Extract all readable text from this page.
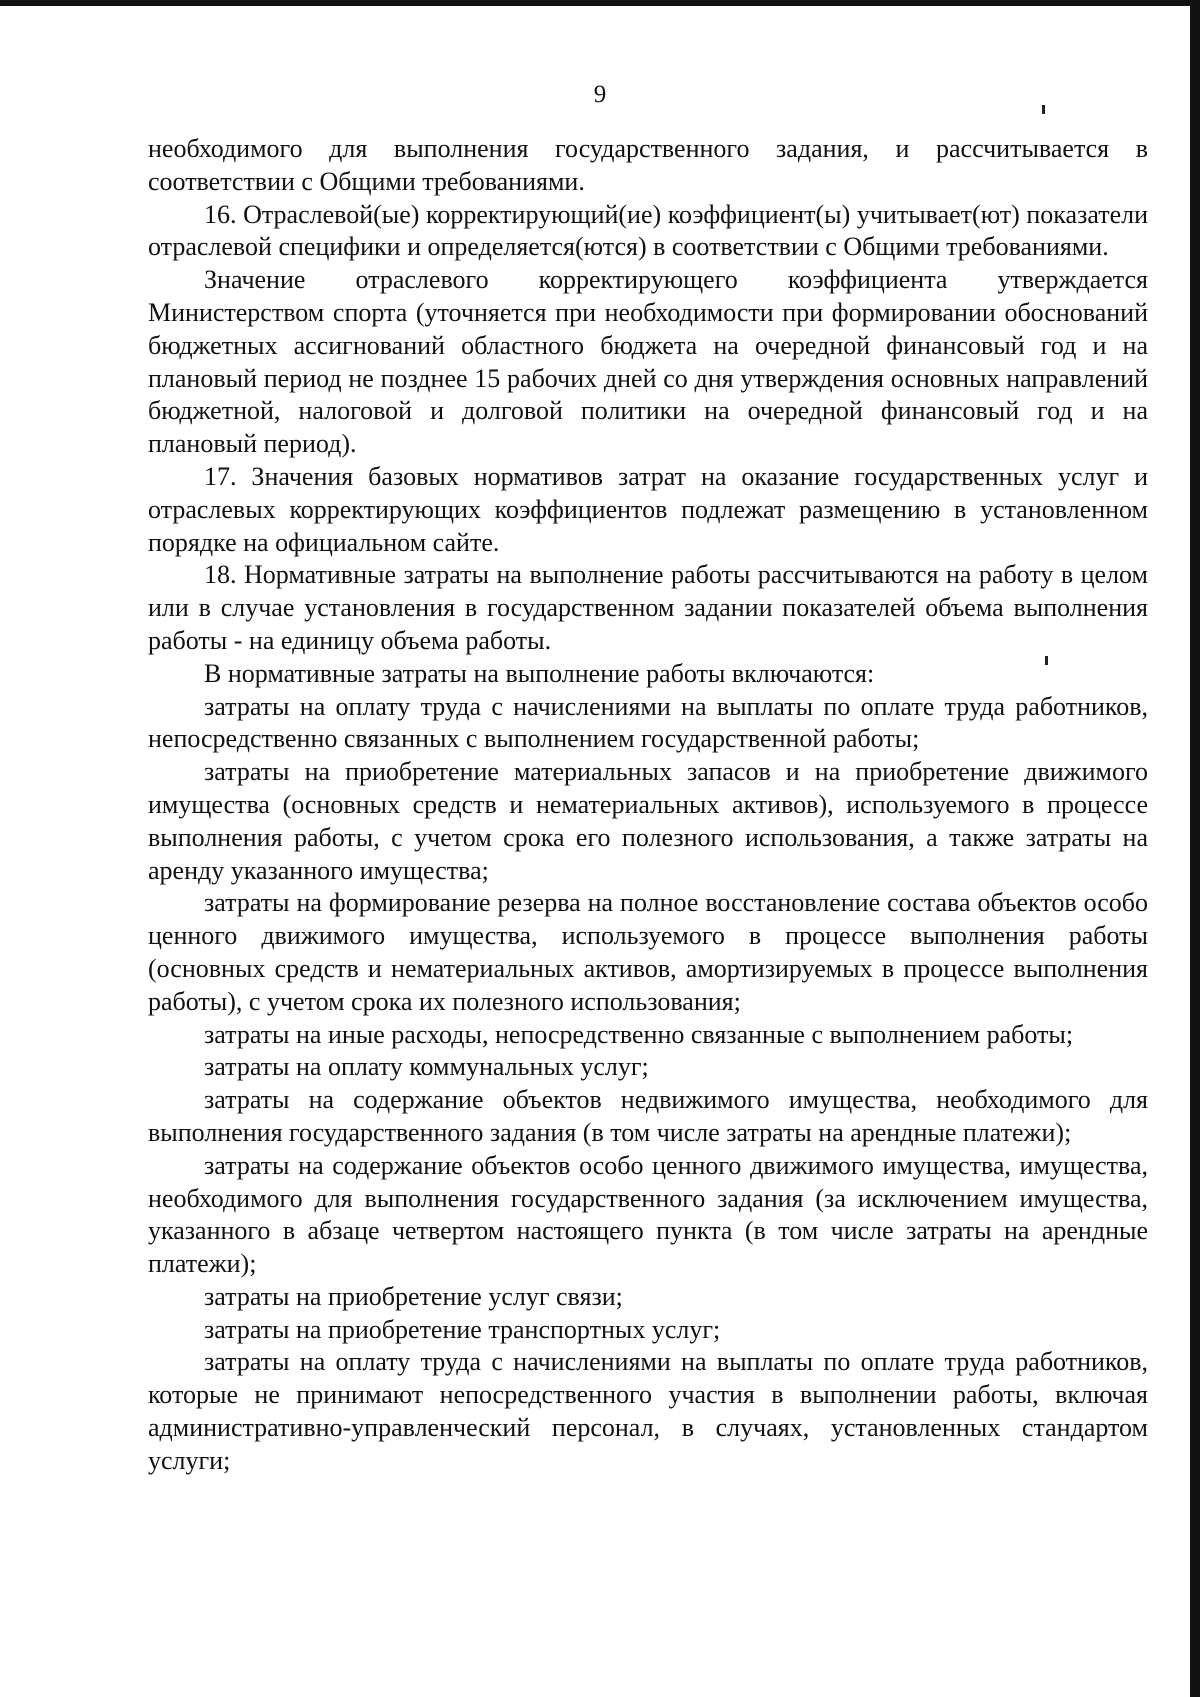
9

необходимого для выполнения государственного задания, и рассчитывается в соответствии с Общими требованиями.

16. Отраслевой(ые) корректирующий(ие) коэффициент(ы) учитывает(ют) показатели отраслевой специфики и определяется(ются) в соответствии с Общими требованиями.

Значение отраслевого корректирующего коэффициента утверждается Министерством спорта (уточняется при необходимости при формировании обоснований бюджетных ассигнований областного бюджета на очередной финансовый год и на плановый период не позднее 15 рабочих дней со дня утверждения основных направлений бюджетной, налоговой и долговой политики на очередной финансовый год и на плановый период).

17. Значения базовых нормативов затрат на оказание государственных услуг и отраслевых корректирующих коэффициентов подлежат размещению в установленном порядке на официальном сайте.

18. Нормативные затраты на выполнение работы рассчитываются на работу в целом или в случае установления в государственном задании показателей объема выполнения работы - на единицу объема работы.

В нормативные затраты на выполнение работы включаются:

затраты на оплату труда с начислениями на выплаты по оплате труда работников, непосредственно связанных с выполнением государственной работы;

затраты на приобретение материальных запасов и на приобретение движимого имущества (основных средств и нематериальных активов), используемого в процессе выполнения работы, с учетом срока его полезного использования, а также затраты на аренду указанного имущества;

затраты на формирование резерва на полное восстановление состава объектов особо ценного движимого имущества, используемого в процессе выполнения работы (основных средств и нематериальных активов, амортизируемых в процессе выполнения работы), с учетом срока их полезного использования;

затраты на иные расходы, непосредственно связанные с выполнением работы;

затраты на оплату коммунальных услуг;

затраты на содержание объектов недвижимого имущества, необходимого для выполнения государственного задания (в том числе затраты на арендные платежи);

затраты на содержание объектов особо ценного движимого имущества, имущества, необходимого для выполнения государственного задания (за исключением имущества, указанного в абзаце четвертом настоящего пункта (в том числе затраты на арендные платежи);

затраты на приобретение услуг связи;

затраты на приобретение транспортных услуг;

затраты на оплату труда с начислениями на выплаты по оплате труда работников, которые не принимают непосредственного участия в выполнении работы, включая административно-управленческий персонал, в случаях, установленных стандартом услуги;
